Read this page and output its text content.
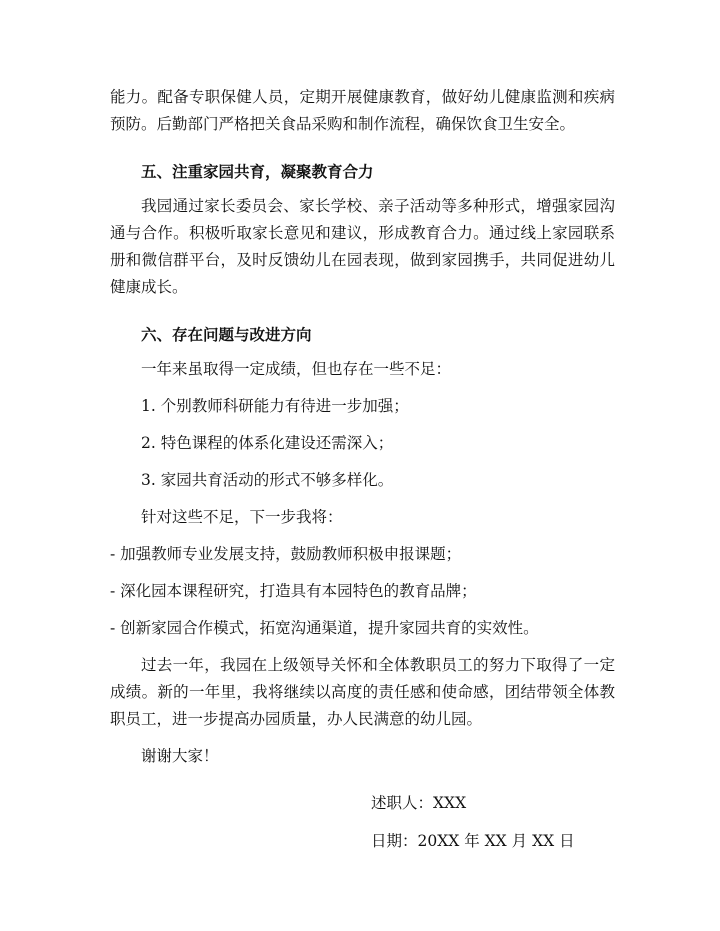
能力。配备专职保健人员，定期开展健康教育，做好幼儿健康监测和疾病预防。后勤部门严格把关食品采购和制作流程，确保饮食卫生安全。

五、注重家园共育，凝聚教育合力

我园通过家长委员会、家长学校、亲子活动等多种形式，增强家园沟通与合作。积极听取家长意见和建议，形成教育合力。通过线上家园联系册和微信群平台，及时反馈幼儿在园表现，做到家园携手，共同促进幼儿健康成长。

六、存在问题与改进方向

一年来虽取得一定成绩，但也存在一些不足：

1. 个别教师科研能力有待进一步加强；

2. 特色课程的体系化建设还需深入；

3. 家园共育活动的形式不够多样化。

针对这些不足，下一步我将：

- 加强教师专业发展支持，鼓励教师积极申报课题；

- 深化园本课程研究，打造具有本园特色的教育品牌；

- 创新家园合作模式，拓宽沟通渠道，提升家园共育的实效性。

过去一年，我园在上级领导关怀和全体教职员工的努力下取得了一定成绩。新的一年里，我将继续以高度的责任感和使命感，团结带领全体教职员工，进一步提高办园质量，办人民满意的幼儿园。

谢谢大家！

述职人：XXX

日期：20XX 年 XX 月 XX 日
